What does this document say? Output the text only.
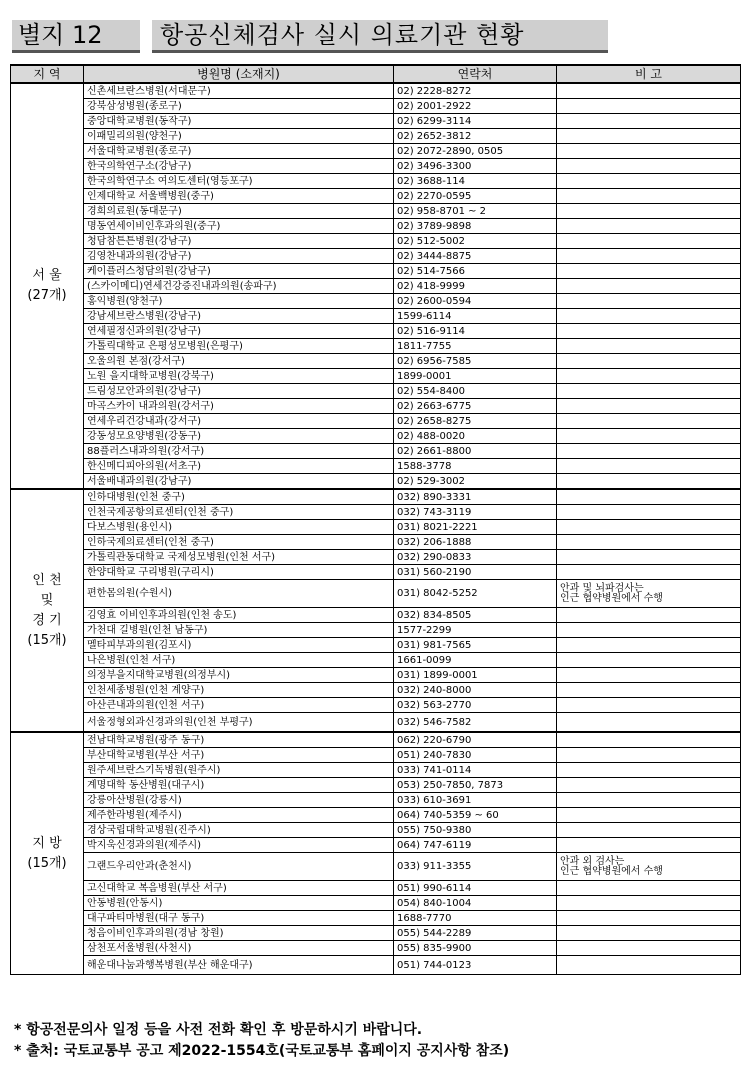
별지 12	항공신체검사 실시 의료기관 현황
지 역	병원명 (소재지)	연락처	비 고
서 울
(27개)	신촌세브란스병원(서대문구)	02) 2228-8272	
	강북삼성병원(종로구)	02) 2001-2922	
	중앙대학교병원(동작구)	02) 6299-3114	
	이패밀리의원(양천구)	02) 2652-3812	
	서울대학교병원(종로구)	02) 2072-2890, 0505	
	한국의학연구소(강남구)	02) 3496-3300	
	한국의학연구소 여의도센터(영등포구)	02) 3688-114	
	인제대학교 서울백병원(중구)	02) 2270-0595	
	경희의료원(동대문구)	02) 958-8701 ~ 2	
	명동연세이비인후과의원(중구)	02) 3789-9898	
	청담참튼튼병원(강남구)	02) 512-5002	
	김영찬내과의원(강남구)	02) 3444-8875	
	케이플러스청담의원(강남구)	02) 514-7566	
	(스카이메디)연세건강증진내과의원(송파구)	02) 418-9999	
	홍익병원(양천구)	02) 2600-0594	
	강남세브란스병원(강남구)	1599-6114	
	연세필정신과의원(강남구)	02) 516-9114	
	가톨릭대학교 은평성모병원(은평구)	1811-7755	
	오울의원 본점(강서구)	02) 6956-7585	
	노원 을지대학교병원(강북구)	1899-0001	
	드림성모안과의원(강남구)	02) 554-8400	
	마곡스카이 내과의원(강서구)	02) 2663-6775	
	연세우리건강내과(강서구)	02) 2658-8275	
	강동성모요양병원(강동구)	02) 488-0020	
	88플러스내과의원(강서구)	02) 2661-8800	
	한신메디피아의원(서초구)	1588-3778	
	서울배내과의원(강남구)	02) 529-3002	
인 천
및
경 기
(15개)	인하대병원(인천 중구)	032) 890-3331	
	인천국제공항의료센터(인천 중구)	032) 743-3119	
	다보스병원(용인시)	031) 8021-2221	
	인하국제의료센터(인천 중구)	032) 206-1888	
	가톨릭관동대학교 국제성모병원(인천 서구)	032) 290-0833	
	한양대학교 구리병원(구리시)	031) 560-2190	
	편한몸의원(수원시)	031) 8042-5252	안과 및 뇌파검사는
인근 협약병원에서 수행
	김영효 이비인후과의원(인천 송도)	032) 834-8505	
	가천대 길병원(인천 남동구)	1577-2299	
	멜타피부과의원(김포시)	031) 981-7565	
	나은병원(인천 서구)	1661-0099	
	의정부을지대학교병원(의정부시)	031) 1899-0001	
	인천세종병원(인천 계양구)	032) 240-8000	
	아산큰내과의원(인천 서구)	032) 563-2770	
	서울정형외과신경과의원(인천 부평구)	032) 546-7582	
지 방
(15개)	전남대학교병원(광주 동구)	062) 220-6790	
	부산대학교병원(부산 서구)	051) 240-7830	
	원주세브란스기독병원(원주시)	033) 741-0114	
	계명대학 동산병원(대구시)	053) 250-7850, 7873	
	강릉아산병원(강릉시)	033) 610-3691	
	제주한라병원(제주시)	064) 740-5359 ~ 60	
	경상국립대학교병원(진주시)	055) 750-9380	
	박지욱신경과의원(제주시)	064) 747-6119	
	그랜드우리안과(춘천시)	033) 911-3355	안과 외 검사는
인근 협약병원에서 수행
	고신대학교 복음병원(부산 서구)	051) 990-6114	
	안동병원(안동시)	054) 840-1004	
	대구파티마병원(대구 동구)	1688-7770	
	청음이비인후과의원(경남 창원)	055) 544-2289	
	삼천포서울병원(사천시)	055) 835-9900	
	해운대나눔과행복병원(부산 해운대구)	051) 744-0123	
* 항공전문의사 일정 등을 사전 전화 확인 후 방문하시기 바랍니다.
* 출처: 국토교통부 공고 제2022-1554호(국토교통부 홈페이지 공지사항 참조)
